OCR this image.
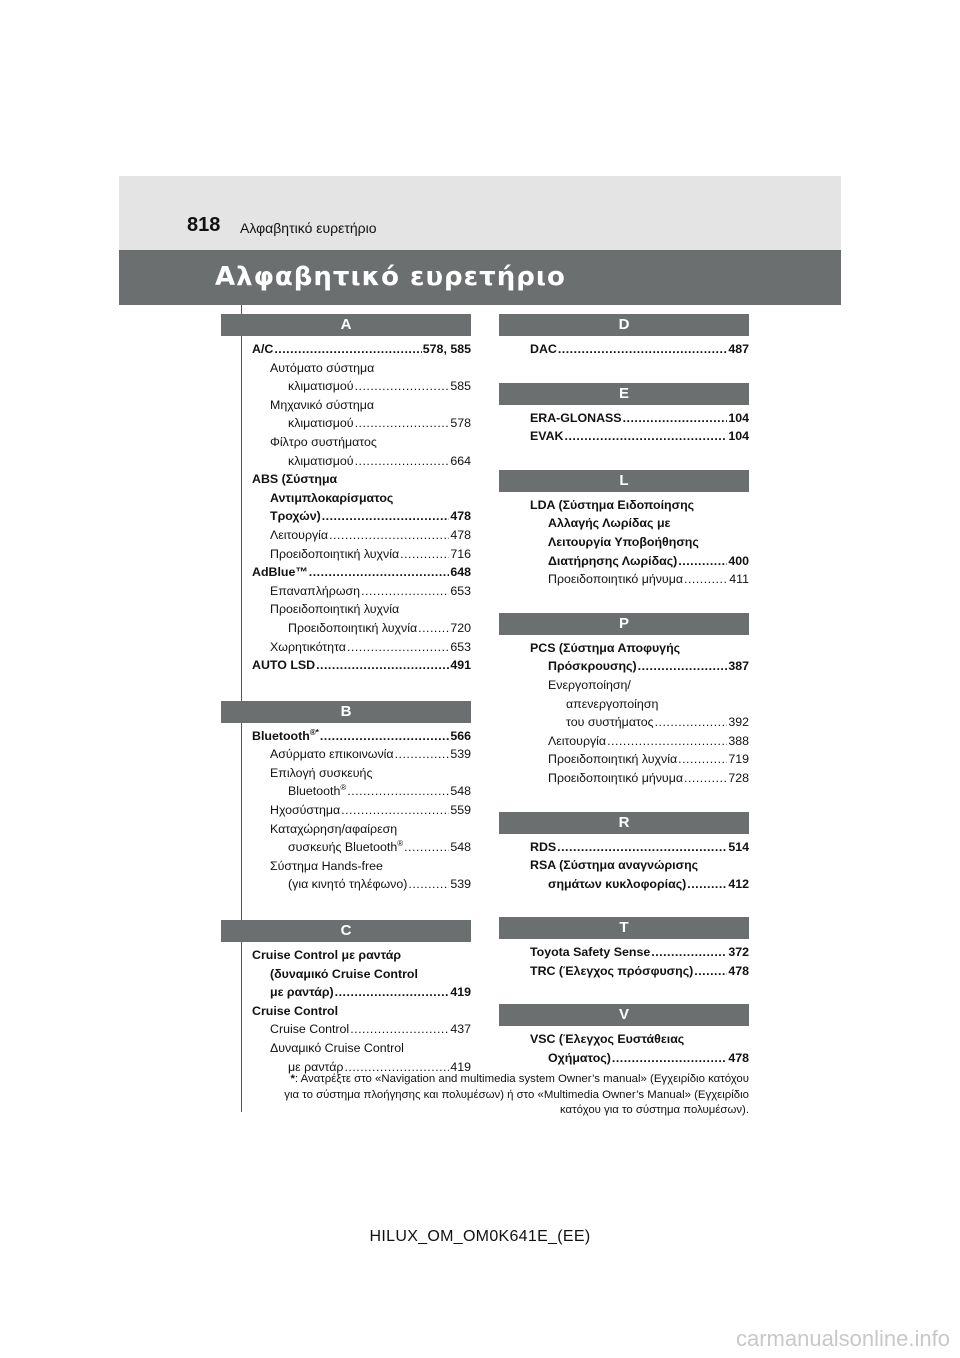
818 Αλφαβητικό ευρετήριο
Αλφαβητικό ευρετήριο
A
A/C .....	578, 585
Αυτόματο σύστημα
κλιματισμού .....	585
Μηχανικό σύστημα
κλιματισμού .....	578
Φίλτρο συστήματος
κλιματισμού .....	664
ABS (Σύστημα
Αντιμπλοκαρίσματος
Τροχών) .....	478
Λειτουργία .....	478
Προειδοποιητική λυχνία .....	716
AdBlue™ .....	648
Επαναπλήρωση .....	653
Προειδοποιητική λυχνία
Προειδοποιητική λυχνία .....	720
Χωρητικότητα .....	653
AUTO LSD .....	491
B
Bluetooth®* .....	566
Ασύρματο επικοινωνία .....	539
Επιλογή συσκευής
Bluetooth® .....	548
Ηχοσύστημα .....	559
Καταχώρηση/αφαίρεση
συσκευής Bluetooth® .....	548
Σύστημα Hands-free
(για κινητό τηλέφωνο) .....	539
C
Cruise Control με ραντάρ
(δυναμικό Cruise Control
με ραντάρ) .....	419
Cruise Control
Cruise Control .....	437
Δυναμικό Cruise Control
με ραντάρ .....	419
D
DAC .....	487
E
ERA-GLONASS .....	104
EVAK .....	104
L
LDA (Σύστημα Ειδοποίησης
Αλλαγής Λωρίδας με
Λειτουργία Υποβοήθησης
Διατήρησης Λωρίδας) .....	400
Προειδοποιητικό μήνυμα .....	411
P
PCS (Σύστημα Αποφυγής
Πρόσκρουσης) .....	387
Ενεργοποίηση/
απενεργοποίηση
του συστήματος .....	392
Λειτουργία .....	388
Προειδοποιητική λυχνία .....	719
Προειδοποιητικό μήνυμα .....	728
R
RDS .....	514
RSA (Σύστημα αναγνώρισης
σημάτων κυκλοφορίας) .....	412
T
Toyota Safety Sense .....	372
TRC (Έλεγχος πρόσφυσης) .....	478
V
VSC (Έλεγχος Ευστάθειας
Οχήματος) .....	478
*: Ανατρέξτε στο «Navigation and multimedia system Owner’s manual» (Εγχειρίδιο κατόχου για το σύστημα πλοήγησης και πολυμέσων) ή στο «Multimedia Owner’s Manual» (Εγχειρίδιο κατόχου για το σύστημα πολυμέσων).
HILUX_OM_OM0K641E_(EE)
carmanualsonline.info
